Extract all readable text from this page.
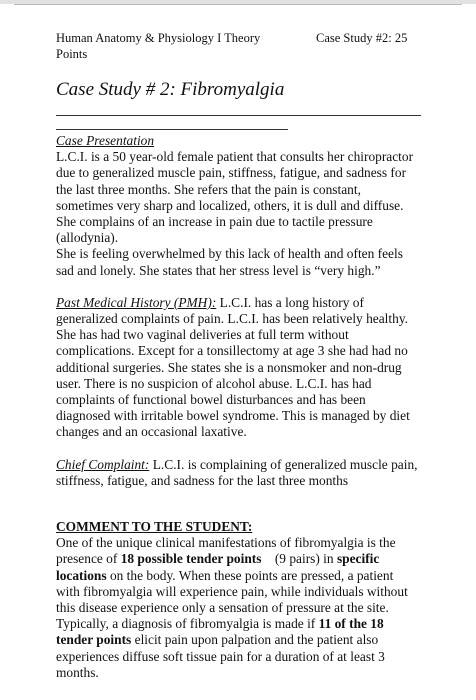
Human Anatomy & Physiology I Theory
Points
Case Study #2: 25
Case Study # 2: Fibromyalgia

Case Presentation
L.C.I. is a 50 year-old female patient that consults her chiropractor due to generalized muscle pain, stiffness, fatigue, and sadness for the last three months. She refers that the pain is constant, sometimes very sharp and localized, others, it is dull and diffuse. She complains of an increase in pain due to tactile pressure (allodynia).
She is feeling overwhelmed by this lack of health and often feels sad and lonely. She states that her stress level is “very high.”

Past Medical History (PMH): L.C.I. has a long history of generalized complaints of pain. L.C.I. has been relatively healthy. She has had two vaginal deliveries at full term without complications. Except for a tonsillectomy at age 3 she had had no additional surgeries. She states she is a nonsmoker and non-drug user. There is no suspicion of alcohol abuse. L.C.I. has had complaints of functional bowel disturbances and has been diagnosed with irritable bowel syndrome. This is managed by diet changes and an occasional laxative.

Chief Complaint: L.C.I. is complaining of generalized muscle pain, stiffness, fatigue, and sadness for the last three months

COMMENT TO THE STUDENT:
One of the unique clinical manifestations of fibromyalgia is the presence of 18 possible tender points    (9 pairs) in specific locations on the body. When these points are pressed, a patient with fibromyalgia will experience pain, while individuals without this disease experience only a sensation of pressure at the site. Typically, a diagnosis of fibromyalgia is made if 11 of the 18 tender points elicit pain upon palpation and the patient also experiences diffuse soft tissue pain for a duration of at least 3 months.
